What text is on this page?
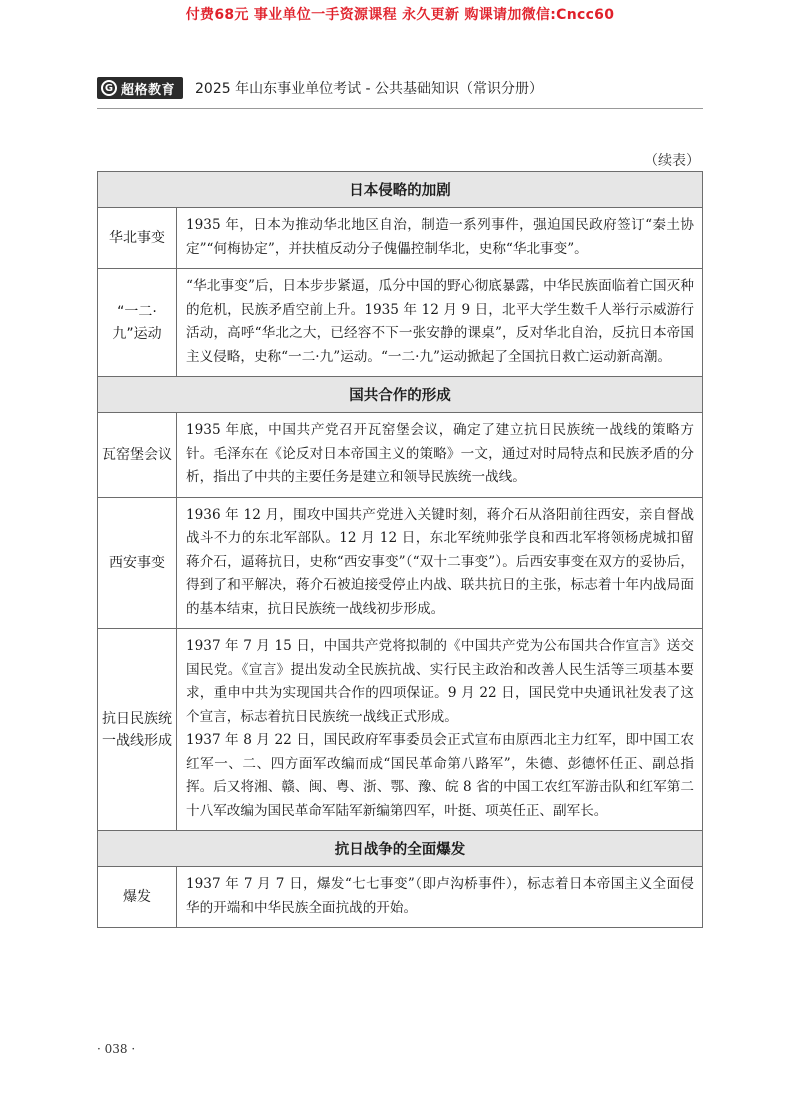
付费68元 事业单位一手资源课程 永久更新 购课请加微信:Cncc60
G 超格教育 2025 年山东事业单位考试 - 公共基础知识（常识分册）
（续表）
日本侵略的加剧	
华北事变	1935 年，日本为推动华北地区自治，制造一系列事件，强迫国民政府签订“秦土协定”“何梅协定”，并扶植反动分子傀儡控制华北，史称“华北事变”。

“一二·九”运动	“华北事变”后，日本步步紧逼，瓜分中国的野心彻底暴露，中华民族面临着亡国灭种的危机，民族矛盾空前上升。1935 年 12 月 9 日，北平大学生数千人举行示威游行活动，高呼“华北之大，已经容不下一张安静的课桌”，反对华北自治，反抗日本帝国主义侵略，史称“一二·九”运动。“一二·九”运动掀起了全国抗日救亡运动新高潮。

国共合作的形成	
瓦窑堡会议	1935 年底，中国共产党召开瓦窑堡会议，确定了建立抗日民族统一战线的策略方针。毛泽东在《论反对日本帝国主义的策略》一文，通过对时局特点和民族矛盾的分析，指出了中共的主要任务是建立和领导民族统一战线。

西安事变	1936 年 12 月，围攻中国共产党进入关键时刻，蒋介石从洛阳前往西安，亲自督战战斗不力的东北军部队。12 月 12 日，东北军统帅张学良和西北军将领杨虎城扣留蒋介石，逼蒋抗日，史称“西安事变”（“双十二事变”）。后西安事变在双方的妥协后，得到了和平解决，蒋介石被迫接受停止内战、联共抗日的主张，标志着十年内战局面的基本结束，抗日民族统一战线初步形成。

抗日民族统一战线形成	1937 年 7 月 15 日，中国共产党将拟制的《中国共产党为公布国共合作宣言》送交国民党。《宣言》提出发动全民族抗战、实行民主政治和改善人民生活等三项基本要求，重申中共为实现国共合作的四项保证。9 月 22 日，国民党中央通讯社发表了这个宣言，标志着抗日民族统一战线正式形成。

1937 年 8 月 22 日，国民政府军事委员会正式宣布由原西北主力红军，即中国工农红军一、二、四方面军改编而成“国民革命第八路军”，朱德、彭德怀任正、副总指挥。后又将湘、赣、闽、粤、浙、鄂、豫、皖 8 省的中国工农红军游击队和红军第二十八军改编为国民革命军陆军新编第四军，叶挺、项英任正、副军长。

抗日战争的全面爆发	
爆发	1937 年 7 月 7 日，爆发“七七事变”（即卢沟桥事件），标志着日本帝国主义全面侵华的开端和中华民族全面抗战的开始。

· 038 ·
